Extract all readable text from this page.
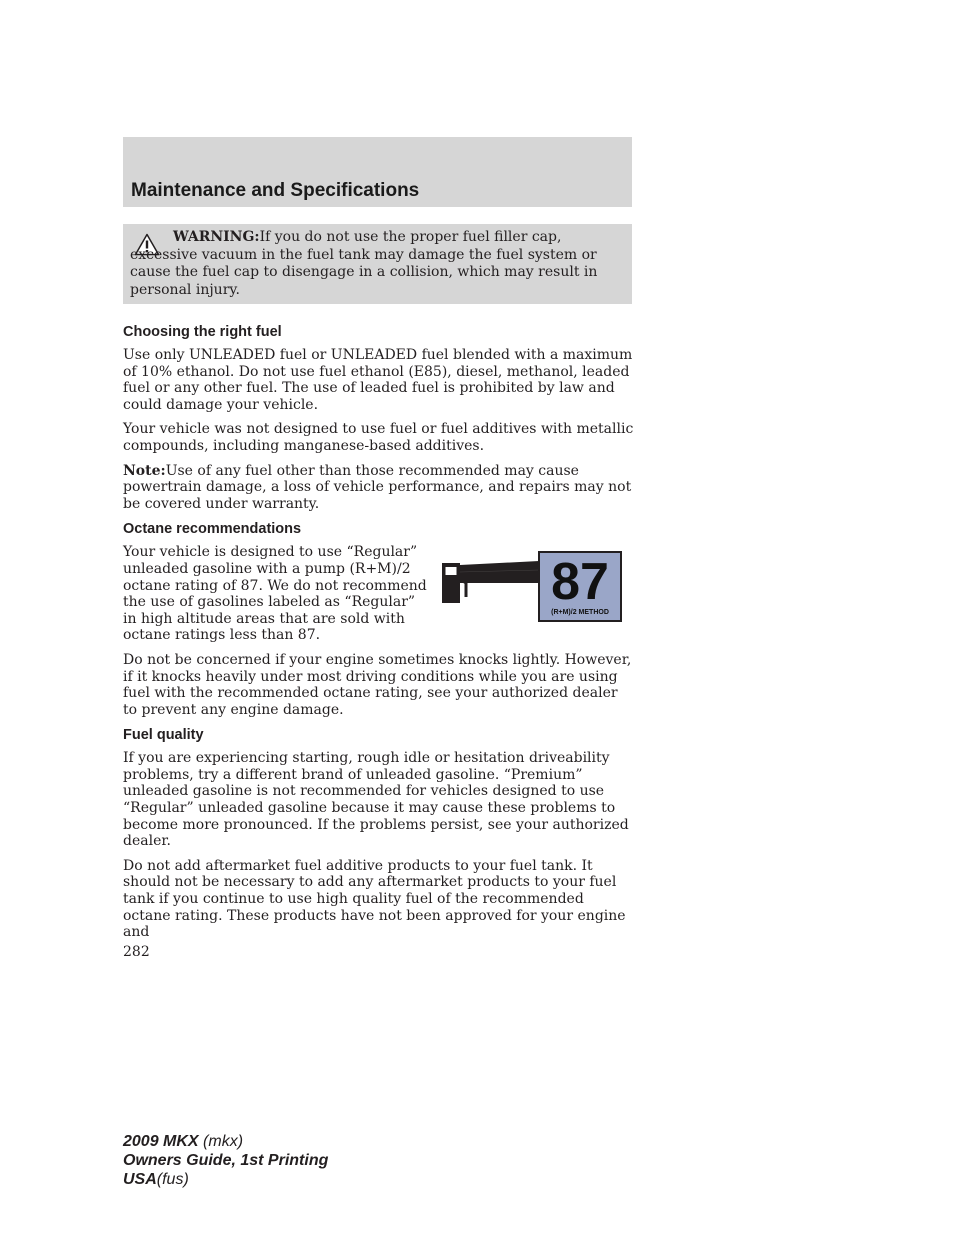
Maintenance and Specifications

WARNING:If you do not use the proper fuel filler cap, excessive vacuum in the fuel tank may damage the fuel system or cause the fuel cap to disengage in a collision, which may result in personal injury.

Choosing the right fuel

Use only UNLEADED fuel or UNLEADED fuel blended with a maximum of 10% ethanol. Do not use fuel ethanol (E85), diesel, methanol, leaded fuel or any other fuel. The use of leaded fuel is prohibited by law and could damage your vehicle.

Your vehicle was not designed to use fuel or fuel additives with metallic compounds, including manganese-based additives.

Note:Use of any fuel other than those recommended may cause powertrain damage, a loss of vehicle performance, and repairs may not be covered under warranty.

Octane recommendations
87
(R+M)/2 METHOD

Your vehicle is designed to use “Regular” unleaded gasoline with a pump (R+M)/2 octane rating of 87. We do not recommend the use of gasolines labeled as “Regular” in high altitude areas that are sold with octane ratings less than 87.

Do not be concerned if your engine sometimes knocks lightly. However, if it knocks heavily under most driving conditions while you are using fuel with the recommended octane rating, see your authorized dealer to prevent any engine damage.

Fuel quality

If you are experiencing starting, rough idle or hesitation driveability problems, try a different brand of unleaded gasoline. “Premium” unleaded gasoline is not recommended for vehicles designed to use “Regular” unleaded gasoline because it may cause these problems to become more pronounced. If the problems persist, see your authorized dealer.

Do not add aftermarket fuel additive products to your fuel tank. It should not be necessary to add any aftermarket products to your fuel tank if you continue to use high quality fuel of the recommended octane rating. These products have not been approved for your engine and

282

2009 MKX (mkx)

Owners Guide, 1st Printing

USA(fus)
